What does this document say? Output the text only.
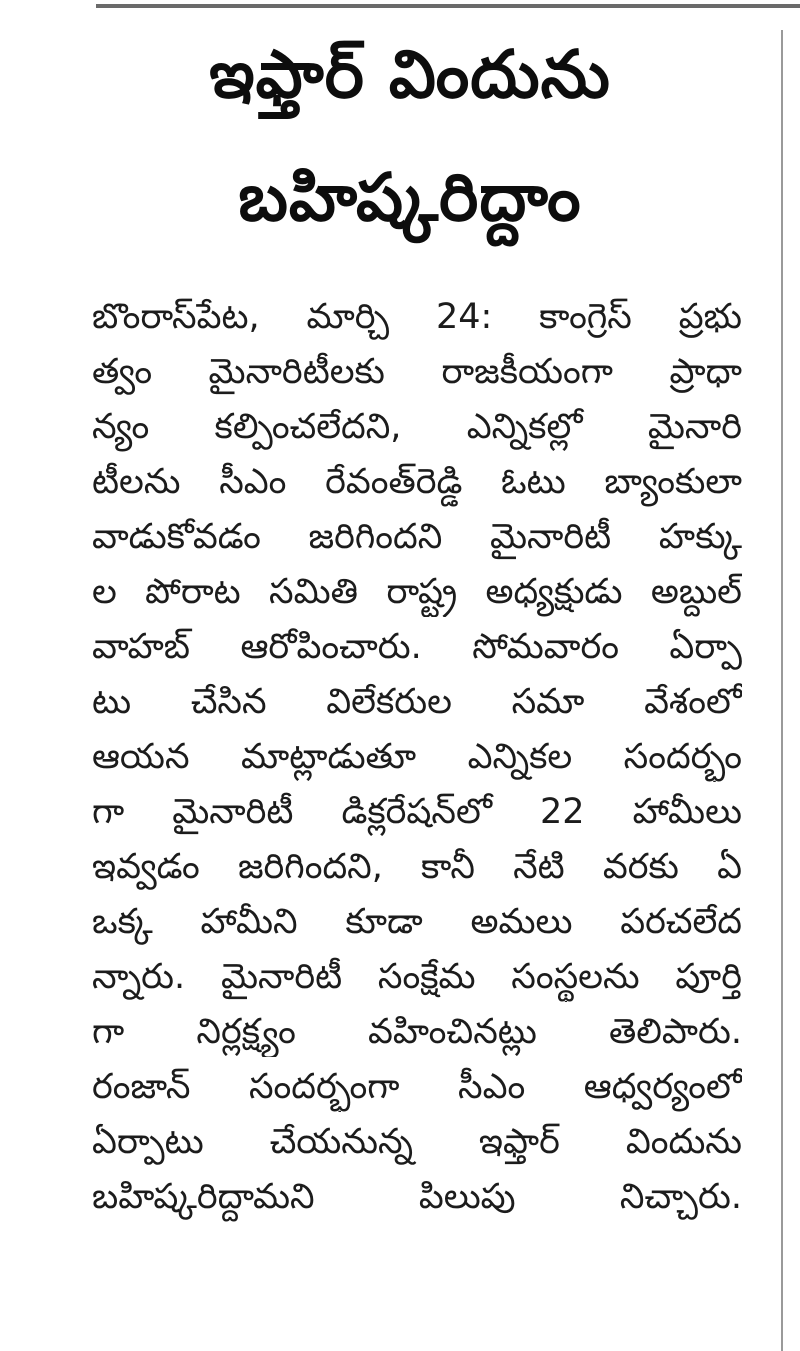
ఇఫ్తార్ విందును
బహిష్కరిద్దాం
బొంరాస్‌పేట, మార్చి 24: కాంగ్రెస్ ప్రభు
త్వం మైనారిటీలకు రాజకీయంగా ప్రాధా
న్యం కల్పించలేదని, ఎన్నికల్లో మైనారి
టీలను సీఎం రేవంత్‌రెడ్డి ఓటు బ్యాంకులా
వాడుకోవడం జరిగిందని మైనారిటీ హక్కు
ల పోరాట సమితి రాష్ట్ర అధ్యక్షుడు అబ్దుల్
వాహబ్ ఆరోపించారు. సోమవారం ఏర్పా
టు చేసిన విలేకరుల సమా వేశంలో
ఆయన మాట్లాడుతూ ఎన్నికల సందర్భం
గా మైనారిటీ డిక్లరేషన్‌లో 22 హామీలు
ఇవ్వడం జరిగిందని, కానీ నేటి వరకు ఏ
ఒక్క హామీని కూడా అమలు పరచలేద
న్నారు. మైనారిటీ సంక్షేమ సంస్థలను పూర్తి
గా నిర్లక్ష్యం వహించినట్లు తెలిపారు.
రంజాన్ సందర్భంగా సీఎం ఆధ్వర్యంలో
ఏర్పాటు చేయనున్న ఇఫ్తార్ విందును
బహిష్కరిద్దామని పిలుపు నిచ్చారు.
